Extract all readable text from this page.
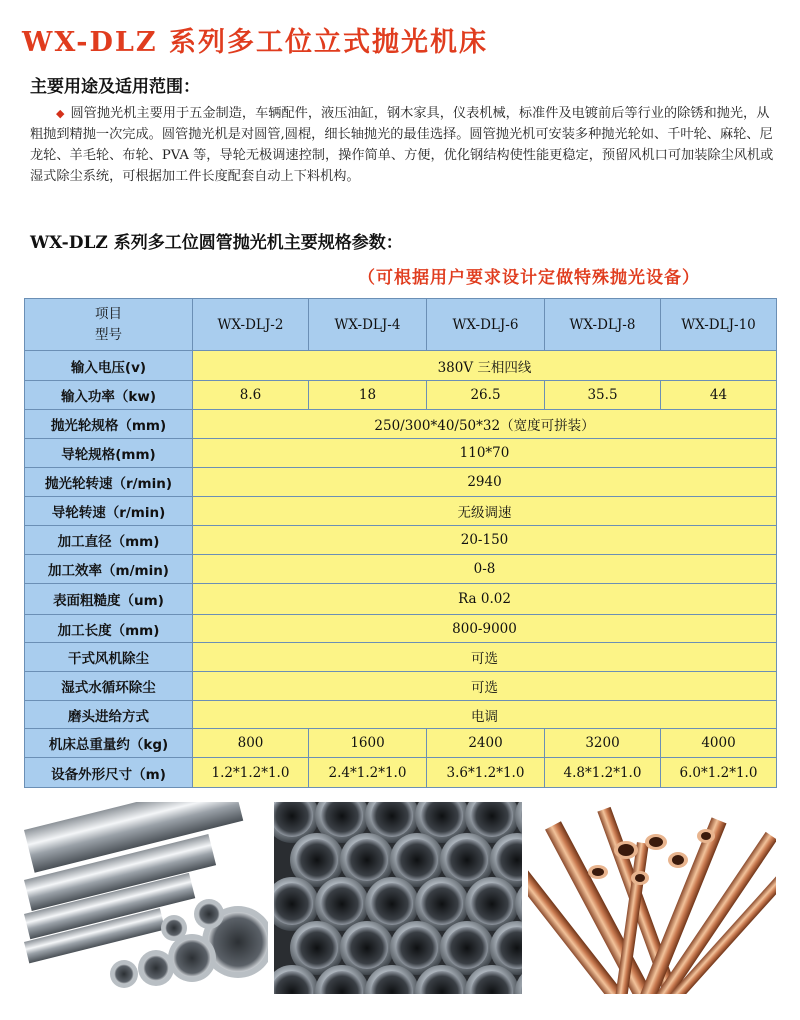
WX-DLZ 系列多工位立式抛光机床
主要用途及适用范围：

◆ 圆管抛光机主要用于五金制造，车辆配件，液压油缸，钢木家具，仪表机械，标准件及电镀前后等行业的除锈和抛光，从粗抛到精抛一次完成。圆管抛光机是对圆管,圆棍，细长轴抛光的最佳选择。圆管抛光机可安装多种抛光轮如、千叶轮、麻轮、尼龙轮、羊毛轮、布轮、PVA 等，导轮无极调速控制，操作简单、方便，优化钢结构使性能更稳定，预留风机口可加装除尘风机或湿式除尘系统，可根据加工件长度配套自动上下料机构。

WX-DLZ 系列多工位圆管抛光机主要规格参数：

（可根据用户要求设计定做特殊抛光设备）

项目
型号	WX-DLJ-2	WX-DLJ-4	WX-DLJ-6	WX-DLJ-8	WX-DLJ-10
输入电压(v)	380V 三相四线				
输入功率（kw)	8.6	18	26.5	35.5	44
抛光轮规格（mm)	250/300*40/50*32（宽度可拼装）				
导轮规格(mm)	110*70				
抛光轮转速（r/min)	2940				
导轮转速（r/min)	无级调速				
加工直径（mm)	20-150				
加工效率（m/min)	0-8				
表面粗糙度（um)	Ra 0.02				
加工长度（mm)	800-9000				
干式风机除尘	可选				
湿式水循环除尘	可选				
磨头进给方式	电调				
机床总重量约（kg)	800	1600	2400	3200	4000
设备外形尺寸（m)	1.2*1.2*1.0	2.4*1.2*1.0	3.6*1.2*1.0	4.8*1.2*1.0	6.0*1.2*1.0
